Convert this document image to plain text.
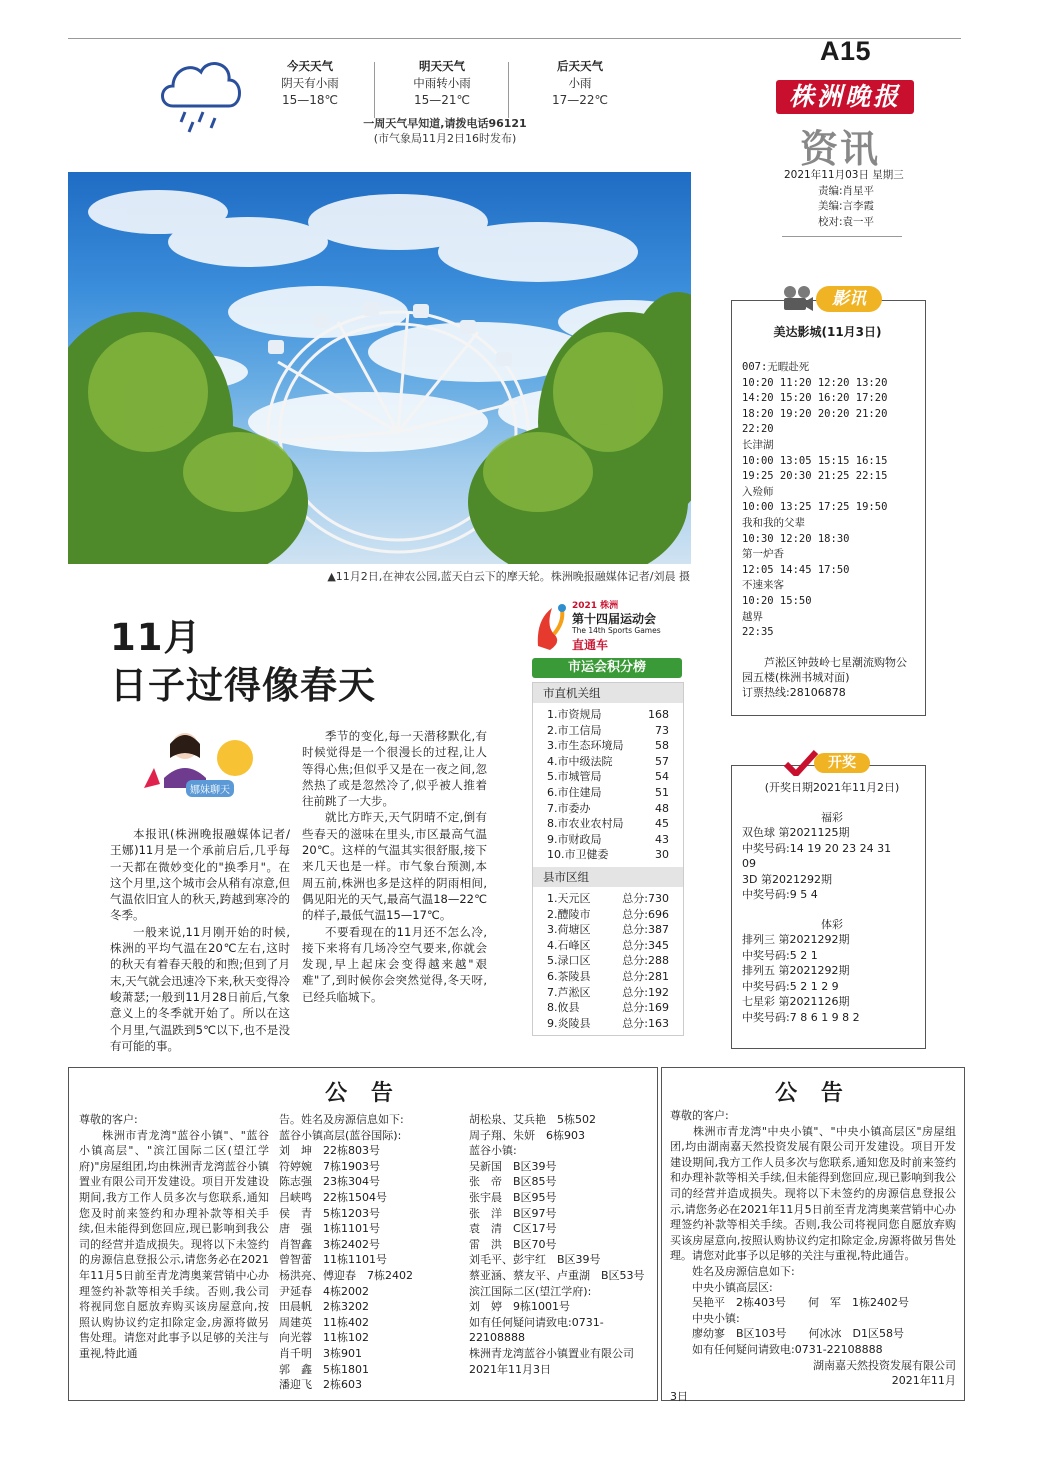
今天天气
阴天有小雨
15—18℃
明天天气
中雨转小雨
15—21℃
后天天气
小雨
17—22℃
一周天气早知道,请拨电话96121
(市气象局11月2日16时发布)
A15
株洲晚报
资讯
2021年11月03日 星期三
责编:肖星平
美编:言李霞
校对:袁一平
▲11月2日,在神农公园,蓝天白云下的摩天轮。株洲晚报融媒体记者/刘晨 摄
11月
日子过得像春天
娜妹聊天

本报讯(株洲晚报融媒体记者/王娜)11月是一个承前启后,几乎每一天都在微妙变化的"换季月"。在这个月里,这个城市会从稍有凉意,但气温依旧宜人的秋天,跨越到寒冷的冬季。

一般来说,11月刚开始的时候,株洲的平均气温在20℃左右,这时的秋天有着春天般的和煦;但到了月末,天气就会迅速冷下来,秋天变得冷峻萧瑟;一般到11月28日前后,气象意义上的冬季就开始了。所以在这个月里,气温跌到5℃以下,也不是没有可能的事。

季节的变化,每一天潜移默化,有时候觉得是一个很漫长的过程,让人等得心焦;但似乎又是在一夜之间,忽然热了或是忽然冷了,似乎被人推着往前跳了一大步。

就比方昨天,天气阴晴不定,倒有些春天的滋味在里头,市区最高气温20℃。这样的气温其实很舒服,接下来几天也是一样。市气象台预测,本周五前,株洲也多是这样的阴雨相间,偶见阳光的天气,最高气温18—22℃的样子,最低气温15—17℃。

不要看现在的11月还不怎么冷,接下来将有几场冷空气要来,你就会发现,早上起床会变得越来越"艰难"了,到时候你会突然觉得,冬天呀,已经兵临城下。

2021 株洲
第十四届运动会
The 14th Sports Games
直通车
市运会积分榜
市直机关组
1.市资规局	168
2.市工信局	73
3.市生态环境局	58
4.市中级法院	57
5.市城管局	54
6.市住建局	51
7.市委办	48
8.市农业农村局	45
9.市财政局	43
10.市卫健委	30
县市区组
1.天元区	总分:730
2.醴陵市	总分:696
3.荷塘区	总分:387
4.石峰区	总分:345
5.渌口区	总分:288
6.茶陵县	总分:281
7.芦淞区	总分:192
8.攸县	总分:169
9.炎陵县	总分:163
影讯
美达影城(11月3日)
007:无暇赴死
10:20 11:20 12:20 13:20
14:20 15:20 16:20 17:20
18:20 19:20 20:20 21:20
22:20
长津湖
10:00 13:05 15:15 16:15
19:25 20:30 21:25 22:15
入殓师
10:00 13:25 17:25 19:50
我和我的父辈
10:30 12:20 18:30
第一炉香
12:05 14:45 17:50
不速来客
10:20 15:50
越界
22:35
芦淞区钟鼓岭七星潮流购物公园五楼(株洲书城对面)
订票热线:28106878
开奖
(开奖日期2021年11月2日)
福彩
双色球 第2021125期
中奖号码:14 19 20 23 24 31
09
3D 第2021292期
中奖号码:9 5 4
体彩
排列三 第2021292期
中奖号码:5 2 1
排列五 第2021292期
中奖号码:5 2 1 2 9
七星彩 第2021126期
中奖号码:7 8 6 1 9 8 2
公 告
尊敬的客户:
　　株洲市青龙湾"蓝谷小镇"、"蓝谷小镇高层"、"滨江国际二区(望江学府)"房屋组团,均由株洲青龙湾蓝谷小镇置业有限公司开发建设。项目开发建设期间,我方工作人员多次与您联系,通知您及时前来签约和办理补款等相关手续,但未能得到您回应,现已影响到我公司的经营并造成损失。现将以下未签约的房源信息登报公示,请您务必在2021年11月5日前至青龙湾奥莱营销中心办理签约补款等相关手续。否则,我公司将视同您自愿放弃购买该房屋意向,按照认购协议约定扣除定金,房源将做另售处理。请您对此事予以足够的关注与重视,特此通
告。姓名及房源信息如下:
蓝谷小镇高层(蓝谷国际):
刘　坤　22栋803号
符婷婉　7栋1903号
陈志强　23栋304号
吕峡鸣　22栋1504号
侯　青　5栋1203号
唐　强　1栋1101号
肖智鑫　3栋2402号
曾智蕾　11栋1101号
杨洪亮、傅迎春　7栋2402
尹延春　4栋2002
田晨帆　2栋3202
周建英　11栋402
向光蓉　11栋102
肖千明　3栋901
郭　鑫　5栋1801
潘迎飞　2栋603
胡松泉、艾兵艳　5栋502
周子翔、朱妍　6栋903
蓝谷小镇:
吴新国　B区39号
张　帝　B区85号
张宇晨　B区95号
张　洋　B区97号
袁　清　C区17号
雷　洪　B区70号
刘毛平、彭宇红　B区39号
蔡亚涵、蔡友平、卢重湖　B区53号
滨江国际二区(望江学府):
刘　婷　9栋1001号
如有任何疑问请致电:0731-22108888
株洲青龙湾蓝谷小镇置业有限公司
2021年11月3日
公 告
尊敬的客户:
　　株洲市青龙湾"中央小镇"、"中央小镇高层区"房屋组团,均由湖南嘉天然投资发展有限公司开发建设。项目开发建设期间,我方工作人员多次与您联系,通知您及时前来签约和办理补款等相关手续,但未能得到您回应,现已影响到我公司的经营并造成损失。现将以下未签约的房源信息登报公示,请您务必在2021年11月5日前至青龙湾奥莱营销中心办理签约补款等相关手续。否则,我公司将视同您自愿放弃购买该房屋意向,按照认购协议约定扣除定金,房源将做另售处理。请您对此事予以足够的关注与重视,特此通告。
　　姓名及房源信息如下:
　　中央小镇高层区:
　　吴艳平　2栋403号　　何　军　1栋2402号
　　中央小镇:
　　廖幼寥　B区103号　　何冰冰　D1区58号
　　如有任何疑问请致电:0731-22108888
　　　　　　　　　　　　　湖南嘉天然投资发展有限公司
　　　　　　　　　　　　　　　　　　　　2021年11月3日
